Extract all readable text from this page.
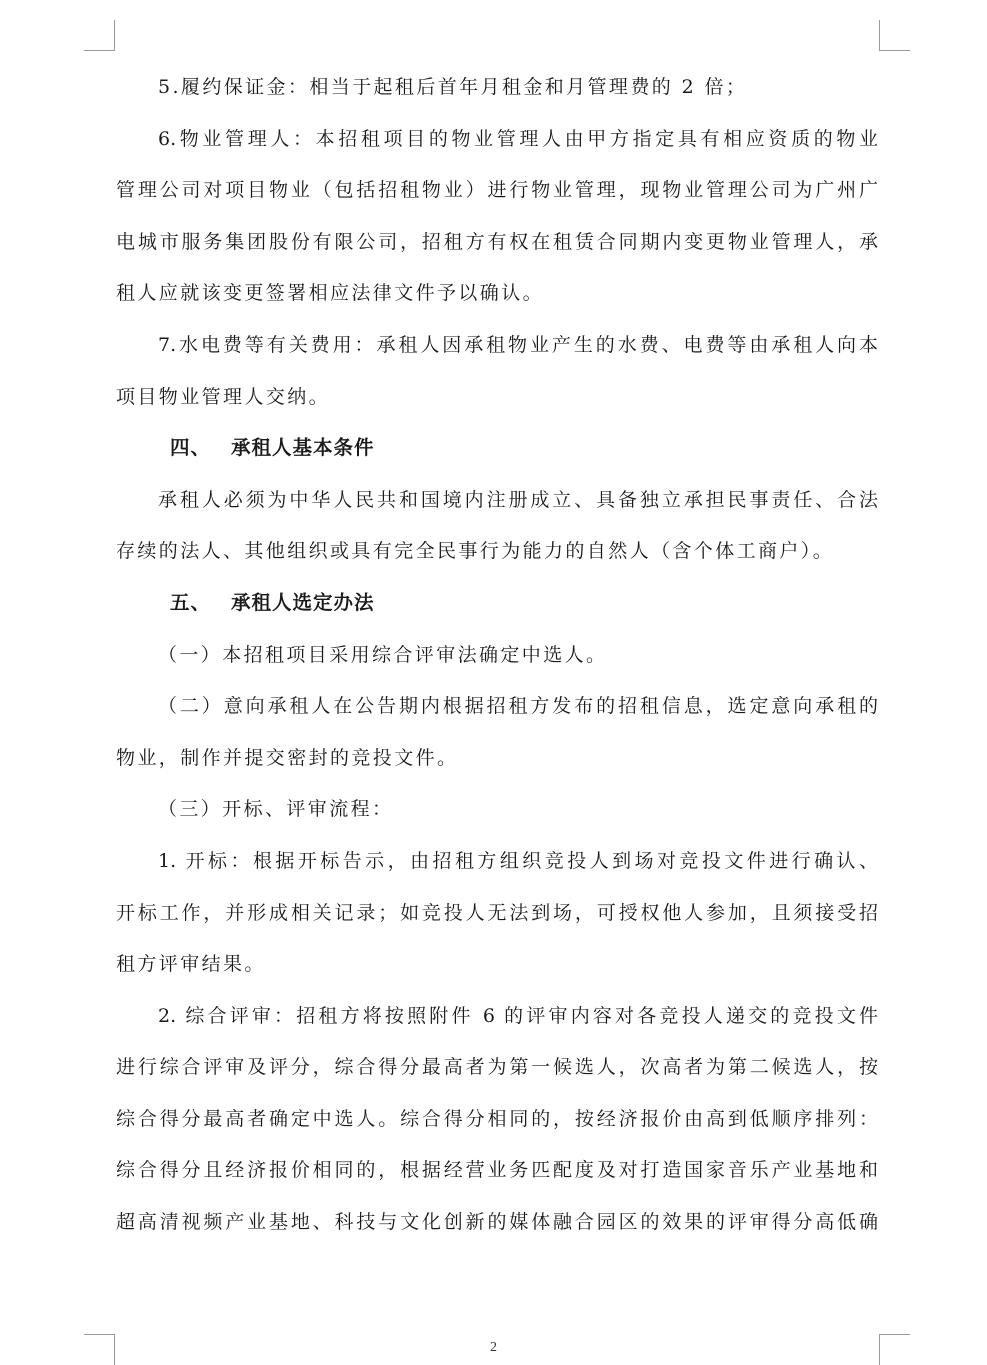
5.履约保证金：相当于起租后首年月租金和月管理费的 2 倍；
6.物业管理人：本招租项目的物业管理人由甲方指定具有相应资质的物业
管理公司对项目物业（包括招租物业）进行物业管理，现物业管理公司为广州广
电城市服务集团股份有限公司，招租方有权在租赁合同期内变更物业管理人，承
租人应就该变更签署相应法律文件予以确认。
7.水电费等有关费用：承租人因承租物业产生的水费、电费等由承租人向本
项目物业管理人交纳。
四、 承租人基本条件
承租人必须为中华人民共和国境内注册成立、具备独立承担民事责任、合法
存续的法人、其他组织或具有完全民事行为能力的自然人（含个体工商户）。
五、 承租人选定办法
（一）本招租项目采用综合评审法确定中选人。
（二）意向承租人在公告期内根据招租方发布的招租信息，选定意向承租的
物业，制作并提交密封的竞投文件。
（三）开标、评审流程：
1. 开标：根据开标告示，由招租方组织竞投人到场对竞投文件进行确认、
开标工作，并形成相关记录；如竞投人无法到场，可授权他人参加，且须接受招
租方评审结果。
2. 综合评审：招租方将按照附件 6 的评审内容对各竞投人递交的竞投文件
进行综合评审及评分，综合得分最高者为第一候选人，次高者为第二候选人，按
综合得分最高者确定中选人。综合得分相同的，按经济报价由高到低顺序排列：
综合得分且经济报价相同的，根据经营业务匹配度及对打造国家音乐产业基地和
超高清视频产业基地、科技与文化创新的媒体融合园区的效果的评审得分高低确
2
